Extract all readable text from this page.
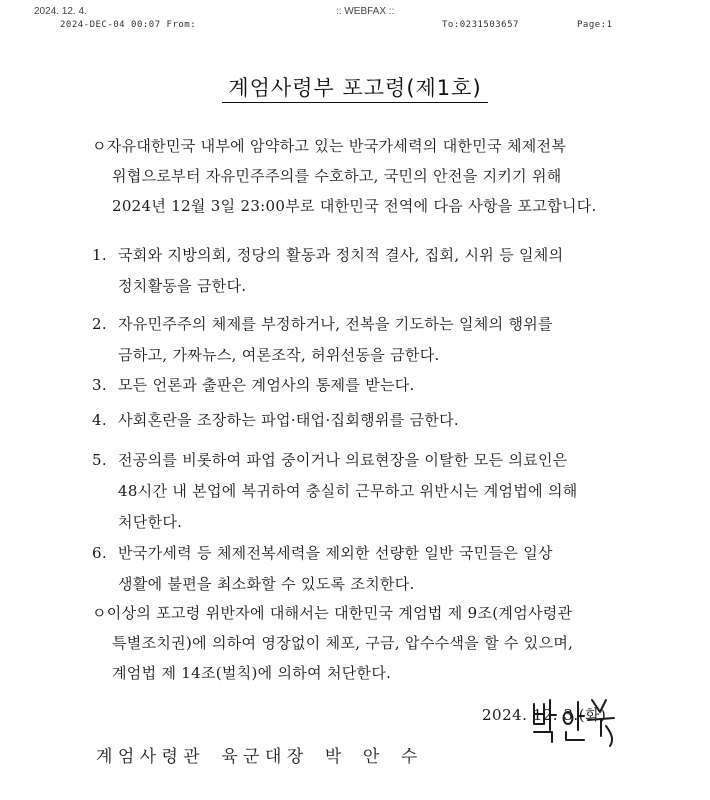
2024. 12. 4.	:: WEBFAX ::
2024-DEC-04 00:07 From:	To:0231503657	Page:1
계엄사령부 포고령(제1호)
ㅇ자유대한민국 내부에 암약하고 있는 반국가세력의 대한민국 체제전복
위협으로부터 자유민주주의를 수호하고, 국민의 안전을 지키기 위해
2024년 12월 3일 23:00부로 대한민국 전역에 다음 사항을 포고합니다.
1. 국회와 지방의회, 정당의 활동과 정치적 결사, 집회, 시위 등 일체의
정치활동을 금한다.
2. 자유민주주의 체제를 부정하거나, 전복을 기도하는 일체의 행위를
금하고, 가짜뉴스, 여론조작, 허위선동을 금한다.
3. 모든 언론과 출판은 계엄사의 통제를 받는다.
4. 사회혼란을 조장하는 파업·태업·집회행위를 금한다.
5. 전공의를 비롯하여 파업 중이거나 의료현장을 이탈한 모든 의료인은
48시간 내 본업에 복귀하여 충실히 근무하고 위반시는 계엄법에 의해
처단한다.
6. 반국가세력 등 체제전복세력을 제외한 선량한 일반 국민들은 일상
생활에 불편을 최소화할 수 있도록 조치한다.
ㅇ이상의 포고령 위반자에 대해서는 대한민국 계엄법 제 9조(계엄사령관
특별조치권)에 의하여 영장없이 체포, 구금, 압수수색을 할 수 있으며,
계엄법 제 14조(벌칙)에 의하여 처단한다.
2024. 12. 3.(화)
계 엄 사 령 관    육 군 대 장    박    안    수
